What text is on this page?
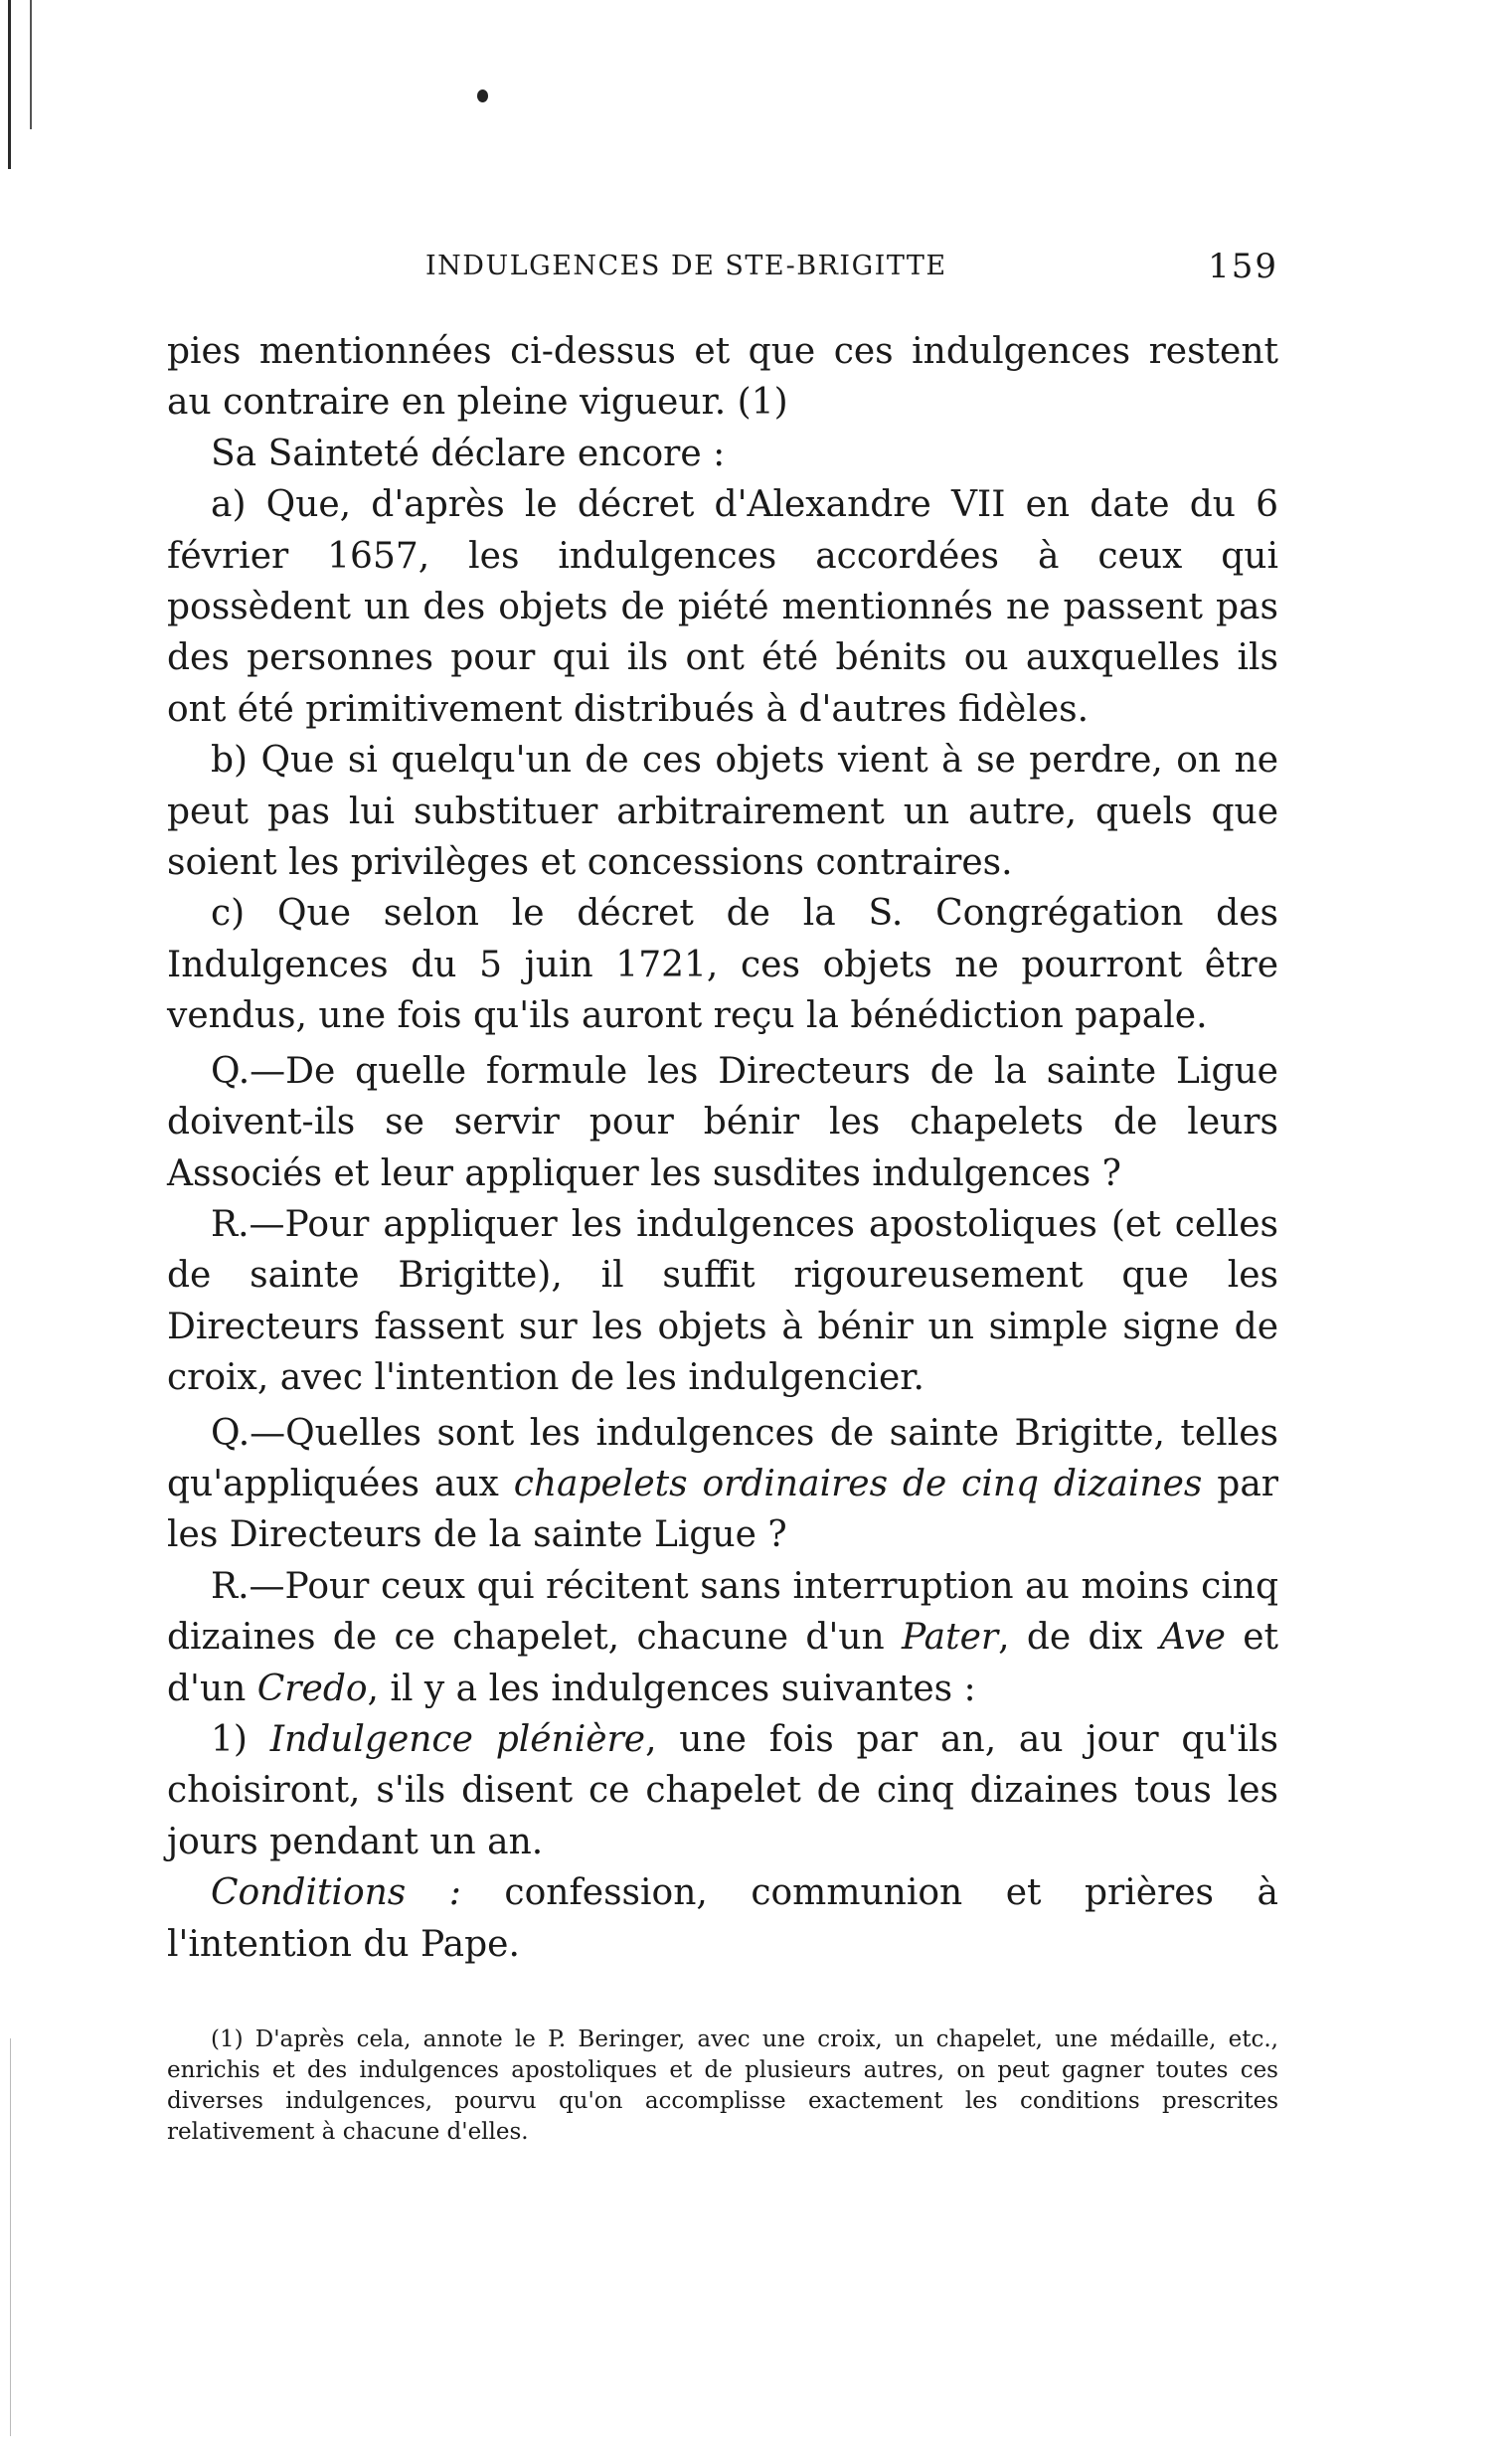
INDULGENCES DE STE-BRIGITTE	159

pies mentionnées ci-dessus et que ces indulgences restent au contraire en pleine vigueur. (1)

Sa Sainteté déclare encore :

a) Que, d'après le décret d'Alexandre VII en date du 6 février 1657, les indulgences accordées à ceux qui possèdent un des objets de piété mentionnés ne passent pas des personnes pour qui ils ont été bénits ou auxquelles ils ont été primitivement distribués à d'autres fidèles.

b) Que si quelqu'un de ces objets vient à se perdre, on ne peut pas lui substituer arbitrairement un autre, quels que soient les privilèges et concessions contraires.

c) Que selon le décret de la S. Congrégation des Indulgences du 5 juin 1721, ces objets ne pourront être vendus, une fois qu'ils auront reçu la bénédiction papale.

Q.—De quelle formule les Directeurs de la sainte Ligue doivent-ils se servir pour bénir les chapelets de leurs Associés et leur appliquer les susdites indulgences ?

R.—Pour appliquer les indulgences apostoliques (et celles de sainte Brigitte), il suffit rigoureusement que les Directeurs fassent sur les objets à bénir un simple signe de croix, avec l'intention de les indulgencier.

Q.—Quelles sont les indulgences de sainte Brigitte, telles qu'appliquées aux chapelets ordinaires de cinq dizaines par les Directeurs de la sainte Ligue ?

R.—Pour ceux qui récitent sans interruption au moins cinq dizaines de ce chapelet, chacune d'un Pater, de dix Ave et d'un Credo, il y a les indulgences suivantes :

1) Indulgence plénière, une fois par an, au jour qu'ils choisiront, s'ils disent ce chapelet de cinq dizaines tous les jours pendant un an.

Conditions : confession, communion et prières à l'intention du Pape.

(1) D'après cela, annote le P. Beringer, avec une croix, un chapelet, une médaille, etc., enrichis et des indulgences apostoliques et de plusieurs autres, on peut gagner toutes ces diverses indulgences, pourvu qu'on accomplisse exactement les conditions prescrites relativement à chacune d'elles.
